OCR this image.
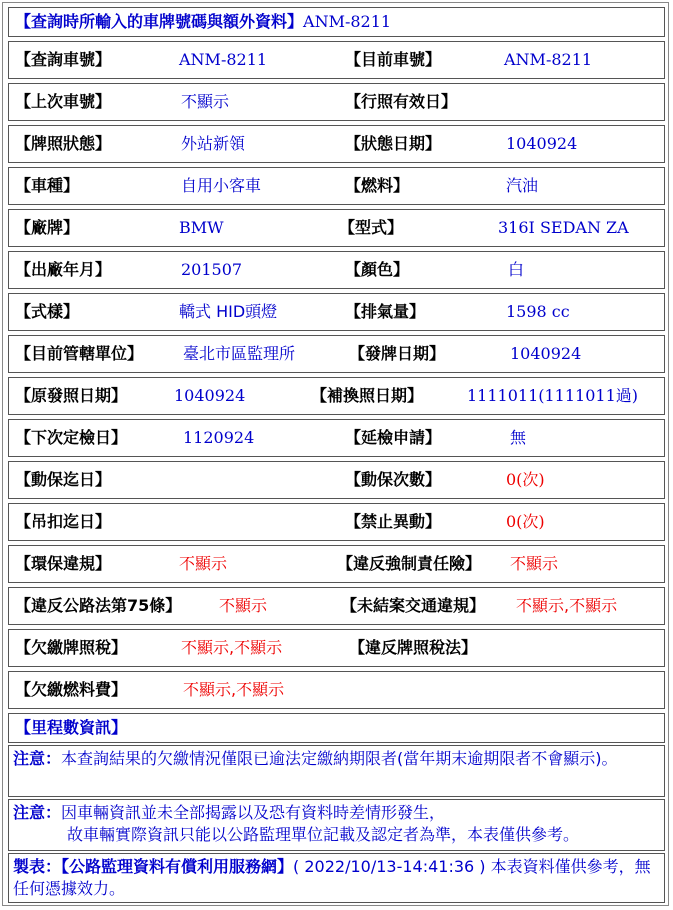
【查詢時所輸入的車牌號碼與額外資料】ANM-8211
【查詢車號】	ANM-8211	【目前車號】	ANM-8211
【上次車號】	不顯示	【行照有效日】
【牌照狀態】	外站新領	【狀態日期】	1040924
【車種】	自用小客車	【燃料】	汽油
【廠牌】	BMW	【型式】	316I SEDAN ZA
【出廠年月】	201507	【顏色】	白
【式樣】	轎式 HID頭燈	【排氣量】	1598 cc
【目前管轄單位】 臺北市區監理所	【發牌日期】	1040924
【原發照日期】	1040924	【補換照日期】	1111011(1111011過)
【下次定檢日】	1120924	【延檢申請】	無
【動保迄日】	【動保次數】	0(次)
【吊扣迄日】	【禁止異動】	0(次)
【環保違規】	不顯示	【違反強制責任險】 不顯示
【違反公路法第75條】 不顯示	【未結案交通違規】 不顯示,不顯示
【欠繳牌照稅】	不顯示,不顯示	【違反牌照稅法】
【欠繳燃料費】	不顯示,不顯示
【里程數資訊】
注意：本查詢結果的欠繳情況僅限已逾法定繳納期限者(當年期末逾期限者不會顯示)。
注意：因車輛資訊並未全部揭露以及恐有資料時差情形發生，
故車輛實際資訊只能以公路監理單位記載及認定者為準，本表僅供參考。
製表：【公路監理資料有償利用服務網】( 2022/10/13-14:41:36 ) 本表資料僅供參考，無任何憑據效力。
